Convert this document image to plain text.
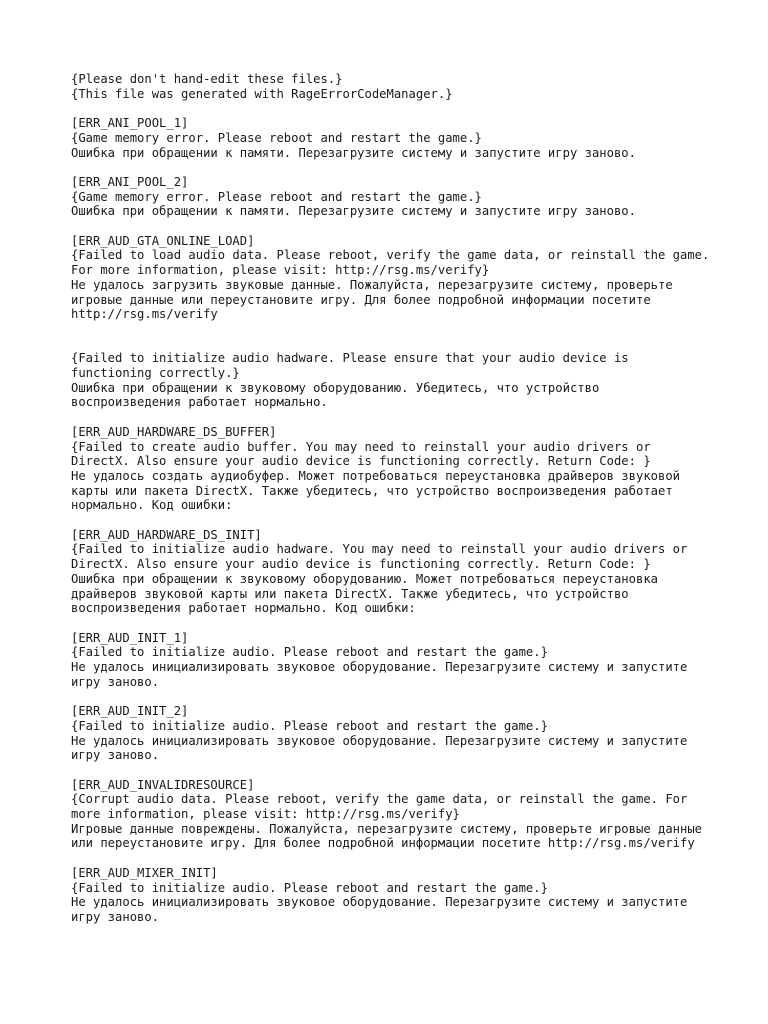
{Please don't hand-edit these files.}
{This file was generated with RageErrorCodeManager.}
[ERR_ANI_POOL_1]
{Game memory error. Please reboot and restart the game.}
Ошибка при обращении к памяти. Перезагрузите систему и запустите игру заново.
[ERR_ANI_POOL_2]
{Game memory error. Please reboot and restart the game.}
Ошибка при обращении к памяти. Перезагрузите систему и запустите игру заново.
[ERR_AUD_GTA_ONLINE_LOAD]
{Failed to load audio data. Please reboot, verify the game data, or reinstall the game. For more information, please visit: http://rsg.ms/verify}
Не удалось загрузить звуковые данные. Пожалуйста, перезагрузите систему, проверьте игровые данные или переустановите игру. Для более подробной информации посетите http://rsg.ms/verify
{Failed to initialize audio hadware. Please ensure that your audio device is functioning correctly.}
Ошибка при обращении к звуковому оборудованию. Убедитесь, что устройство воспроизведения работает нормально.
[ERR_AUD_HARDWARE_DS_BUFFER]
{Failed to create audio buffer. You may need to reinstall your audio drivers or DirectX. Also ensure your audio device is functioning correctly. Return Code: }
Не удалось создать аудиобуфер. Может потребоваться переустановка драйверов звуковой карты или пакета DirectX. Также убедитесь, что устройство воспроизведения работает нормально. Код ошибки:
[ERR_AUD_HARDWARE_DS_INIT]
{Failed to initialize audio hadware. You may need to reinstall your audio drivers or DirectX. Also ensure your audio device is functioning correctly. Return Code: }
Ошибка при обращении к звуковому оборудованию. Может потребоваться переустановка драйверов звуковой карты или пакета DirectX. Также убедитесь, что устройство воспроизведения работает нормально. Код ошибки:
[ERR_AUD_INIT_1]
{Failed to initialize audio. Please reboot and restart the game.}
Не удалось инициализировать звуковое оборудование. Перезагрузите систему и запустите игру заново.
[ERR_AUD_INIT_2]
{Failed to initialize audio. Please reboot and restart the game.}
Не удалось инициализировать звуковое оборудование. Перезагрузите систему и запустите игру заново.
[ERR_AUD_INVALIDRESOURCE]
{Corrupt audio data. Please reboot, verify the game data, or reinstall the game. For more information, please visit: http://rsg.ms/verify}
Игровые данные повреждены. Пожалуйста, перезагрузите систему, проверьте игровые данные или переустановите игру. Для более подробной информации посетите http://rsg.ms/verify
[ERR_AUD_MIXER_INIT]
{Failed to initialize audio. Please reboot and restart the game.}
Не удалось инициализировать звуковое оборудование. Перезагрузите систему и запустите игру заново.
